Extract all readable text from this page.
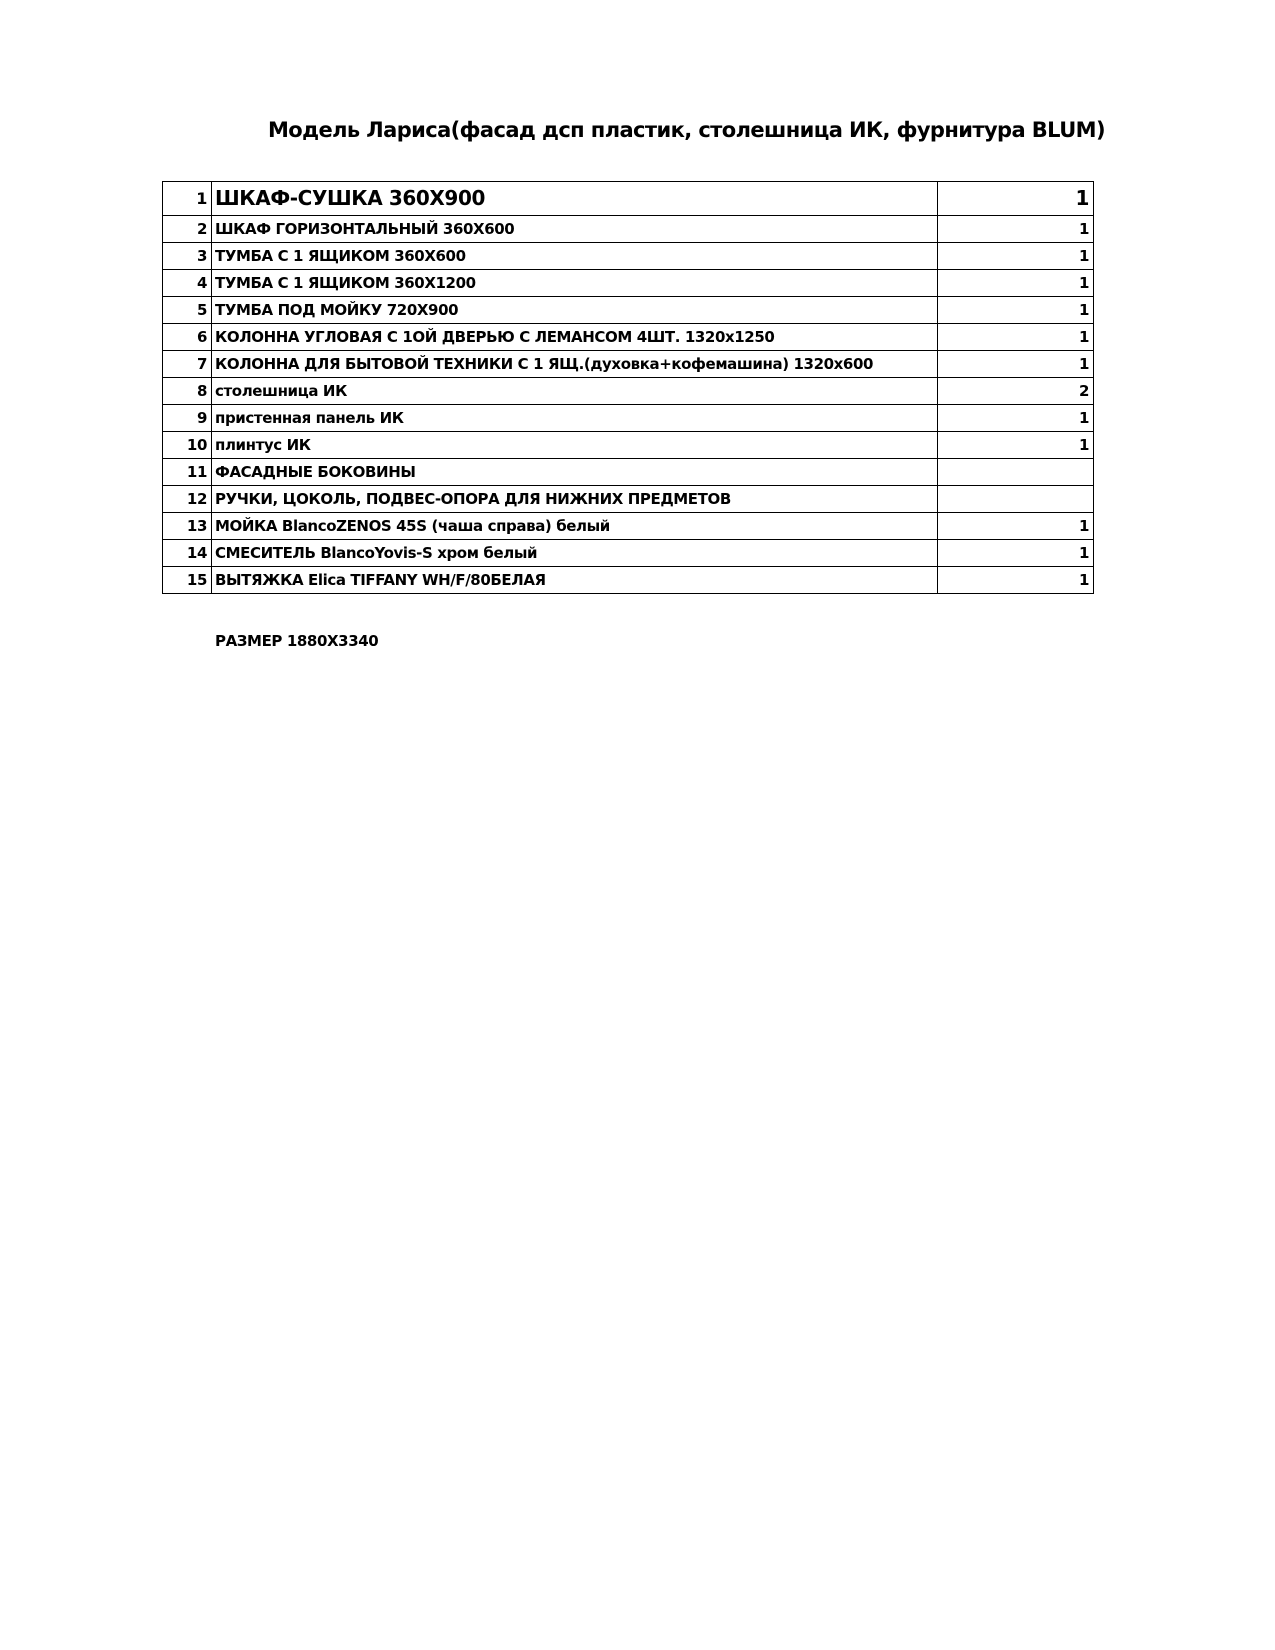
Модель Лариса(фасад дсп пластик, столешница ИК, фурнитура BLUM)
1	ШКАФ-СУШКА 360Х900	1
2	ШКАФ ГОРИЗОНТАЛЬНЫЙ 360Х600	1
3	ТУМБА С 1 ЯЩИКОМ 360Х600	1
4	ТУМБА С 1 ЯЩИКОМ 360Х1200	1
5	ТУМБА ПОД МОЙКУ 720Х900	1
6	КОЛОННА УГЛОВАЯ С 1ОЙ ДВЕРЬЮ С ЛЕМАНСОМ 4ШТ. 1320х1250	1
7	КОЛОННА ДЛЯ БЫТОВОЙ ТЕХНИКИ С 1 ЯЩ.(духовка+кофемашина) 1320х600	1
8	столешница ИК	2
9	пристенная панель ИК	1
10	плинтус ИК	1
11	ФАСАДНЫЕ БОКОВИНЫ	
12	РУЧКИ, ЦОКОЛЬ, ПОДВЕС-ОПОРА ДЛЯ НИЖНИХ ПРЕДМЕТОВ	
13	МОЙКА BlancoZENOS 45S (чаша справа) белый	1
14	СМЕСИТЕЛЬ BlancoYovis-S хром белый	1
15	ВЫТЯЖКА Elica TIFFANY WH/F/80БЕЛАЯ	1
РАЗМЕР 1880Х3340
